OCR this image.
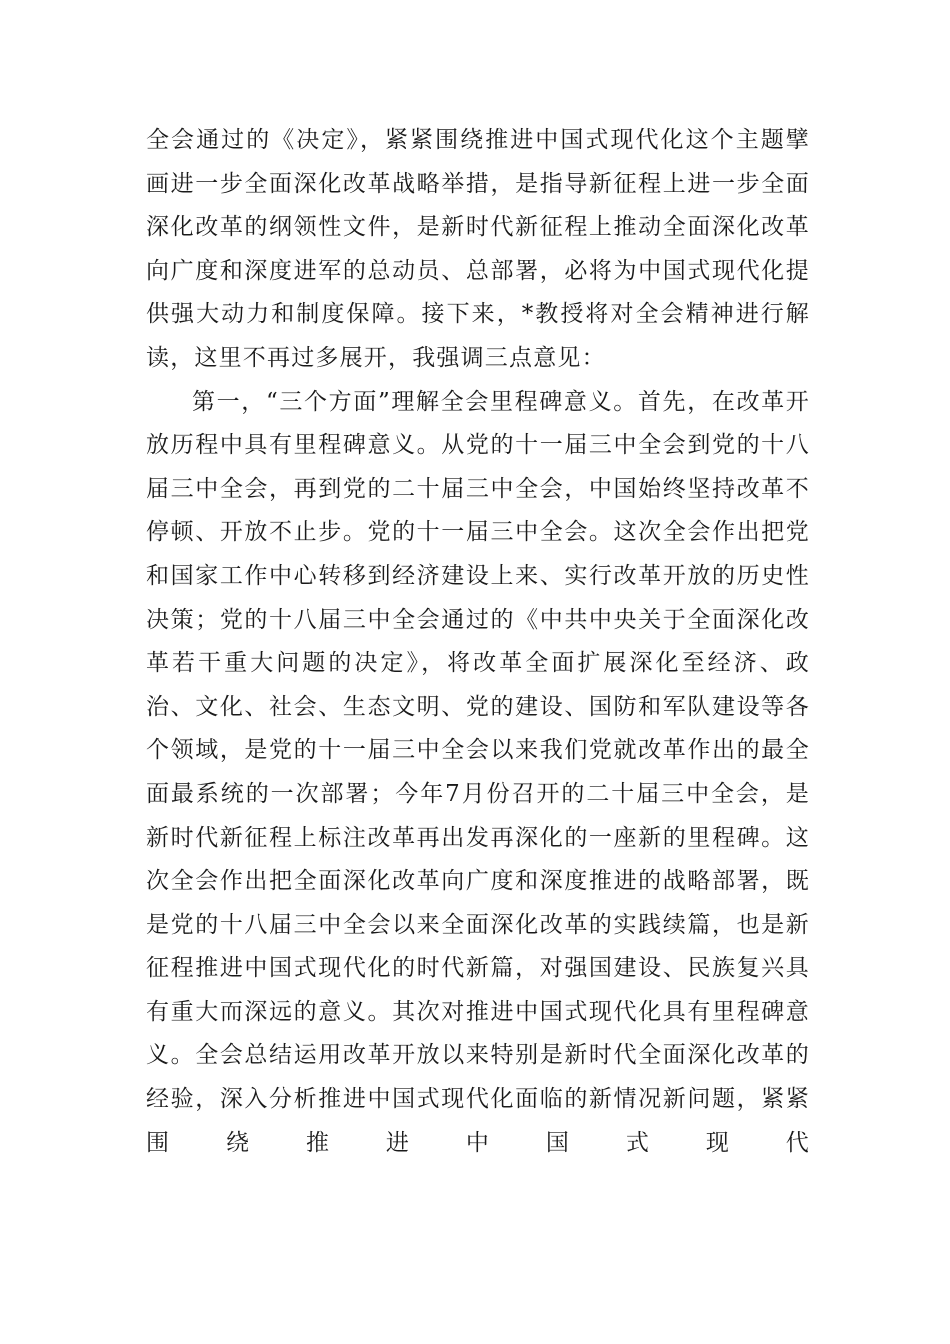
全会通过的《决定》，紧紧围绕推进中国式现代化这个主题擘画进一步全面深化改革战略举措，是指导新征程上进一步全面深化改革的纲领性文件，是新时代新征程上推动全面深化改革向广度和深度进军的总动员、总部署，必将为中国式现代化提供强大动力和制度保障。接下来，*教授将对全会精神进行解读，这里不再过多展开，我强调三点意见：

第一，“三个方面”理解全会里程碑意义。首先，在改革开放历程中具有里程碑意义。从党的十一届三中全会到党的十八届三中全会，再到党的二十届三中全会，中国始终坚持改革不停顿、开放不止步。党的十一届三中全会。这次全会作出把党和国家工作中心转移到经济建设上来、实行改革开放的历史性决策；党的十八届三中全会通过的《中共中央关于全面深化改革若干重大问题的决定》，将改革全面扩展深化至经济、政治、文化、社会、生态文明、党的建设、国防和军队建设等各个领域，是党的十一届三中全会以来我们党就改革作出的最全面最系统的一次部署；今年7月份召开的二十届三中全会，是新时代新征程上标注改革再出发再深化的一座新的里程碑。这次全会作出把全面深化改革向广度和深度推进的战略部署，既是党的十八届三中全会以来全面深化改革的实践续篇，也是新征程推进中国式现代化的时代新篇，对强国建设、民族复兴具有重大而深远的意义。其次对推进中国式现代化具有里程碑意义。全会总结运用改革开放以来特别是新时代全面深化改革的经验，深入分析推进中国式现代化面临的新情况新问题，紧紧围绕推进中国式现代
